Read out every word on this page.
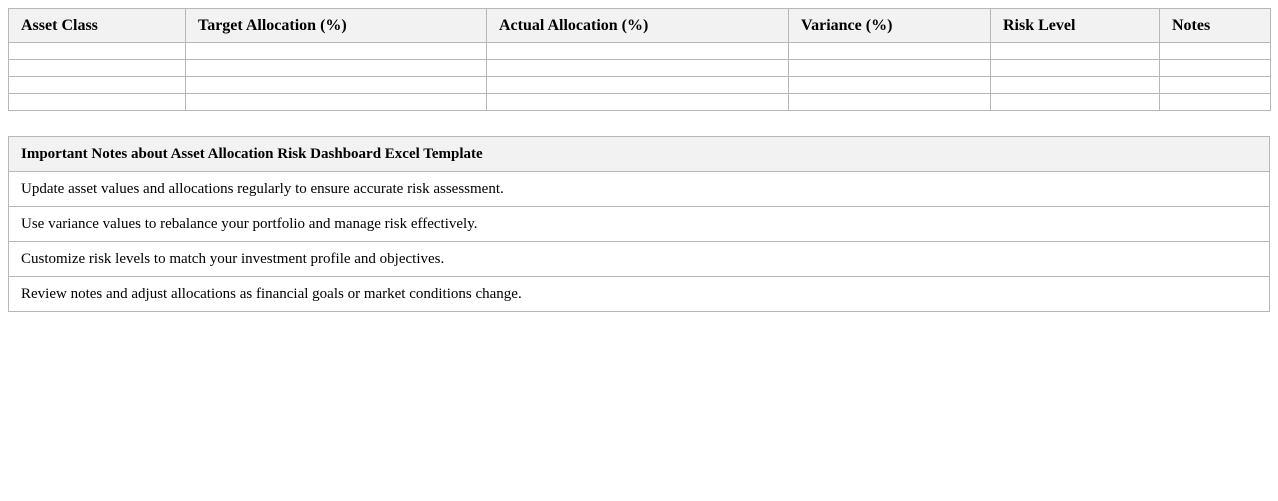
Asset Class	Target Allocation (%)	Actual Allocation (%)	Variance (%)	Risk Level	Notes

Important Notes about Asset Allocation Risk Dashboard Excel Template
Update asset values and allocations regularly to ensure accurate risk assessment.
Use variance values to rebalance your portfolio and manage risk effectively.
Customize risk levels to match your investment profile and objectives.
Review notes and adjust allocations as financial goals or market conditions change.
